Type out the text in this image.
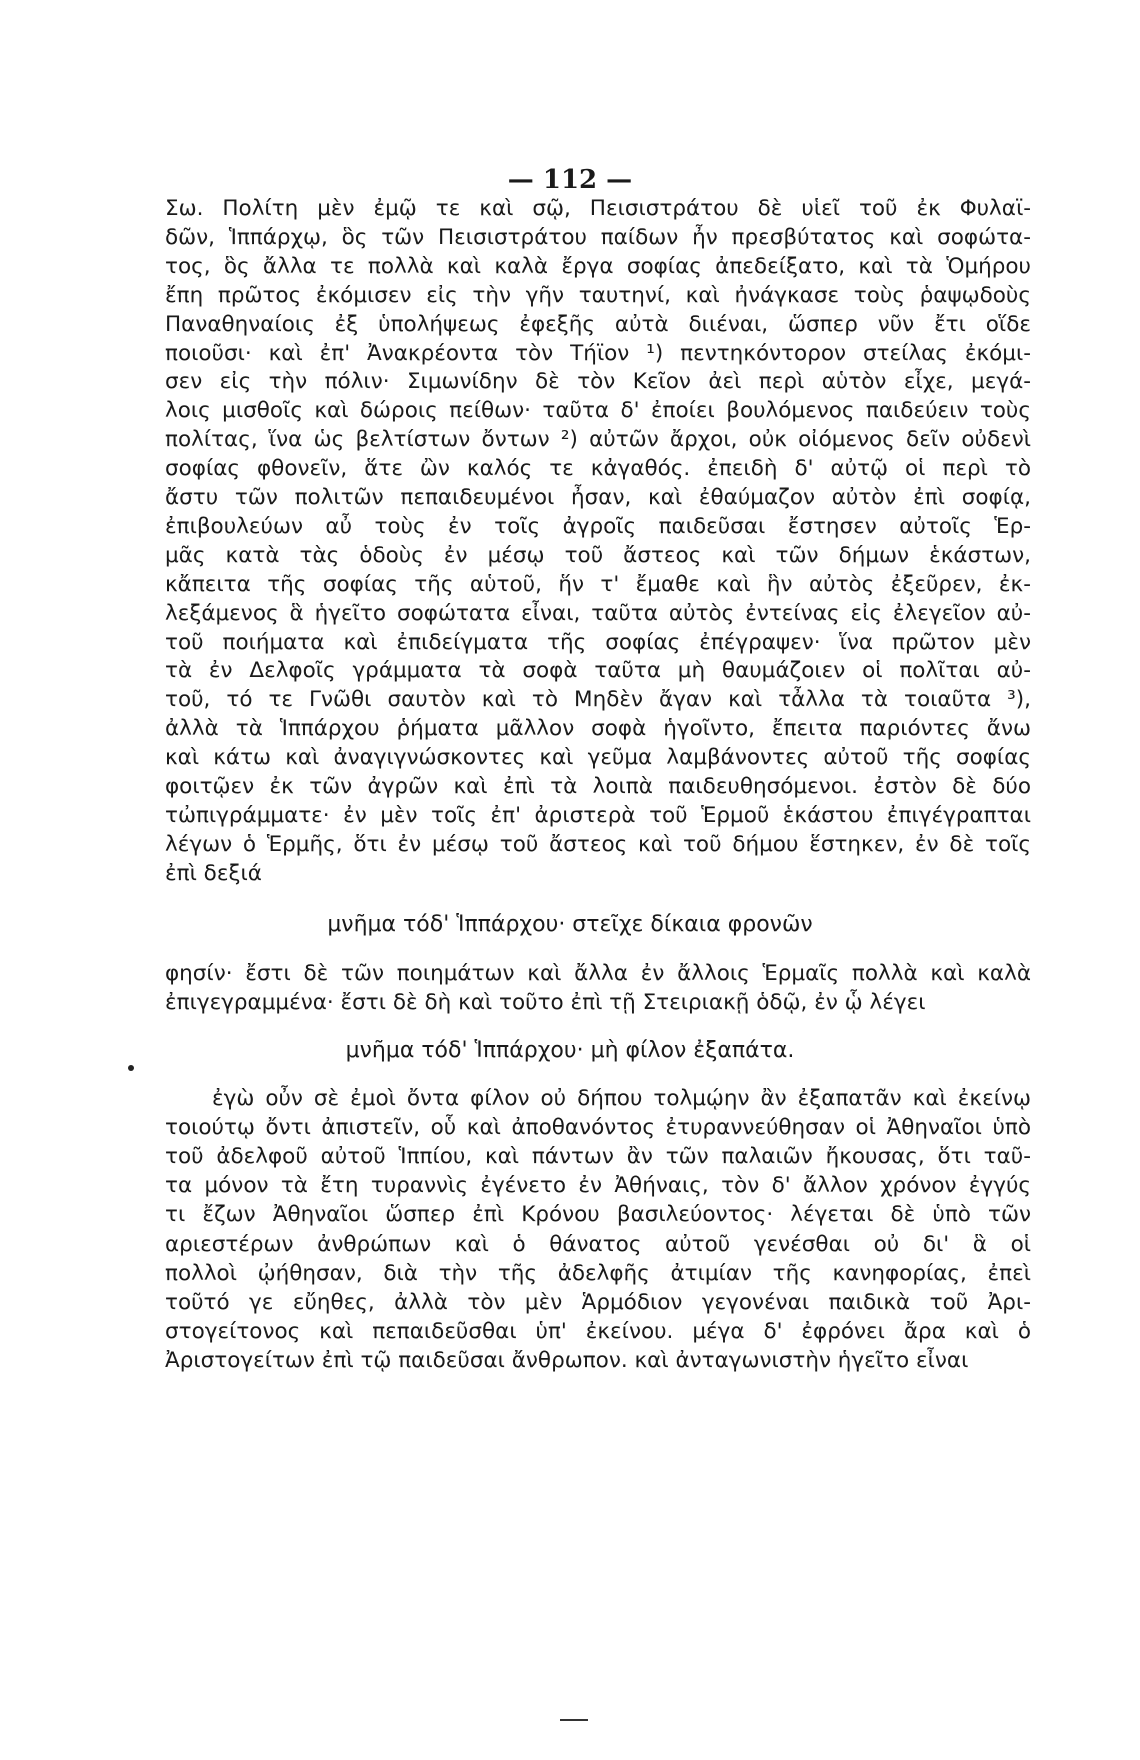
— 112 —
Σω. Πολίτη μὲν ἐμῷ τε καὶ σῷ, Πεισιστράτου δὲ υἱεῖ τοῦ ἐκ Φυλαϊ-
δῶν, Ἱππάρχῳ, ὃς τῶν Πεισιστράτου παίδων ἦν πρεσβύτατος καὶ σοφώτα-
τος, ὃς ἄλλα τε πολλὰ καὶ καλὰ ἔργα σοφίας ἀπεδείξατο, καὶ τὰ Ὁμήρου
ἔπη πρῶτος ἐκόμισεν εἰς τὴν γῆν ταυτηνί, καὶ ἠνάγκασε τοὺς ῥαψῳδοὺς
Παναθηναίοις ἐξ ὑπολήψεως ἐφεξῆς αὐτὰ διιέναι, ὥσπερ νῦν ἔτι οἵδε
ποιοῦσι· καὶ ἐπ' Ἀνακρέοντα τὸν Τήϊον ¹) πεντηκόντορον στείλας ἐκόμι-
σεν εἰς τὴν πόλιν· Σιμωνίδην δὲ τὸν Κεῖον ἀεὶ περὶ αὑτὸν εἶχε, μεγά-
λοις μισθοῖς καὶ δώροις πείθων· ταῦτα δ' ἐποίει βουλόμενος παιδεύειν τοὺς
πολίτας, ἵνα ὡς βελτίστων ὄντων ²) αὐτῶν ἄρχοι, οὐκ οἰόμενος δεῖν οὐδενὶ
σοφίας φθονεῖν, ἅτε ὢν καλός τε κἀγαθός. ἐπειδὴ δ' αὐτῷ οἱ περὶ τὸ
ἄστυ τῶν πολιτῶν πεπαιδευμένοι ἦσαν, καὶ ἐθαύμαζον αὐτὸν ἐπὶ σοφίᾳ,
ἐπιβουλεύων αὖ τοὺς ἐν τοῖς ἀγροῖς παιδεῦσαι ἔστησεν αὐτοῖς Ἑρ-
μᾶς κατὰ τὰς ὁδοὺς ἐν μέσῳ τοῦ ἄστεος καὶ τῶν δήμων ἑκάστων,
κἄπειτα τῆς σοφίας τῆς αὑτοῦ, ἥν τ' ἔμαθε καὶ ἣν αὐτὸς ἐξεῦρεν, ἐκ-
λεξάμενος ἃ ἡγεῖτο σοφώτατα εἶναι, ταῦτα αὐτὸς ἐντείνας εἰς ἐλεγεῖον αὐ-
τοῦ ποιήματα καὶ ἐπιδείγματα τῆς σοφίας ἐπέγραψεν· ἵνα πρῶτον μὲν
τὰ ἐν Δελφοῖς γράμματα τὰ σοφὰ ταῦτα μὴ θαυμάζοιεν οἱ πολῖται αὐ-
τοῦ, τό τε Γνῶθι σαυτὸν καὶ τὸ Μηδὲν ἄγαν καὶ τἆλλα τὰ τοιαῦτα ³),
ἀλλὰ τὰ Ἱππάρχου ῥήματα μᾶλλον σοφὰ ἡγοῖντο, ἔπειτα παριόντες ἄνω
καὶ κάτω καὶ ἀναγιγνώσκοντες καὶ γεῦμα λαμβάνοντες αὐτοῦ τῆς σοφίας
φοιτῷεν ἐκ τῶν ἀγρῶν καὶ ἐπὶ τὰ λοιπὰ παιδευθησόμενοι. ἐστὸν δὲ δύο
τὠπιγράμματε· ἐν μὲν τοῖς ἐπ' ἀριστερὰ τοῦ Ἑρμοῦ ἑκάστου ἐπιγέγραπται
λέγων ὁ Ἑρμῆς, ὅτι ἐν μέσῳ τοῦ ἄστεος καὶ τοῦ δήμου ἕστηκεν, ἐν δὲ τοῖς
ἐπὶ δεξιά
μνῆμα τόδ' Ἱππάρχου· στεῖχε δίκαια φρονῶν
φησίν· ἔστι δὲ τῶν ποιημάτων καὶ ἄλλα ἐν ἄλλοις Ἑρμαῖς πολλὰ καὶ καλὰ
ἐπιγεγραμμένα· ἔστι δὲ δὴ καὶ τοῦτο ἐπὶ τῇ Στειριακῇ ὁδῷ, ἐν ᾧ λέγει
μνῆμα τόδ' Ἱππάρχου· μὴ φίλον ἐξαπάτα.
ἐγὼ οὖν σὲ ἐμοὶ ὄντα φίλον οὐ δήπου τολμῴην ἂν ἐξαπατᾶν καὶ ἐκείνῳ
τοιούτῳ ὄντι ἀπιστεῖν, οὗ καὶ ἀποθανόντος ἐτυραννεύθησαν οἱ Ἀθηναῖοι ὑπὸ
τοῦ ἀδελφοῦ αὐτοῦ Ἱππίου, καὶ πάντων ἂν τῶν παλαιῶν ἤκουσας, ὅτι ταῦ-
τα μόνον τὰ ἔτη τυραννὶς ἐγένετο ἐν Ἀθήναις, τὸν δ' ἄλλον χρόνον ἐγγύς
τι ἔζων Ἀθηναῖοι ὥσπερ ἐπὶ Κρόνου βασιλεύοντος· λέγεται δὲ ὑπὸ τῶν
αριεστέρων ἀνθρώπων καὶ ὁ θάνατος αὐτοῦ γενέσθαι οὐ δι' ἃ οἱ
πολλοὶ ᾠήθησαν, διὰ τὴν τῆς ἀδελφῆς ἀτιμίαν τῆς κανηφορίας, ἐπεὶ
τοῦτό γε εὔηθες, ἀλλὰ τὸν μὲν Ἁρμόδιον γεγονέναι παιδικὰ τοῦ Ἀρι-
στογείτονος καὶ πεπαιδεῦσθαι ὑπ' ἐκείνου. μέγα δ' ἐφρόνει ἄρα καὶ ὁ
Ἀριστογείτων ἐπὶ τῷ παιδεῦσαι ἄνθρωπον. καὶ ἀνταγωνιστὴν ἡγεῖτο εἶναι
